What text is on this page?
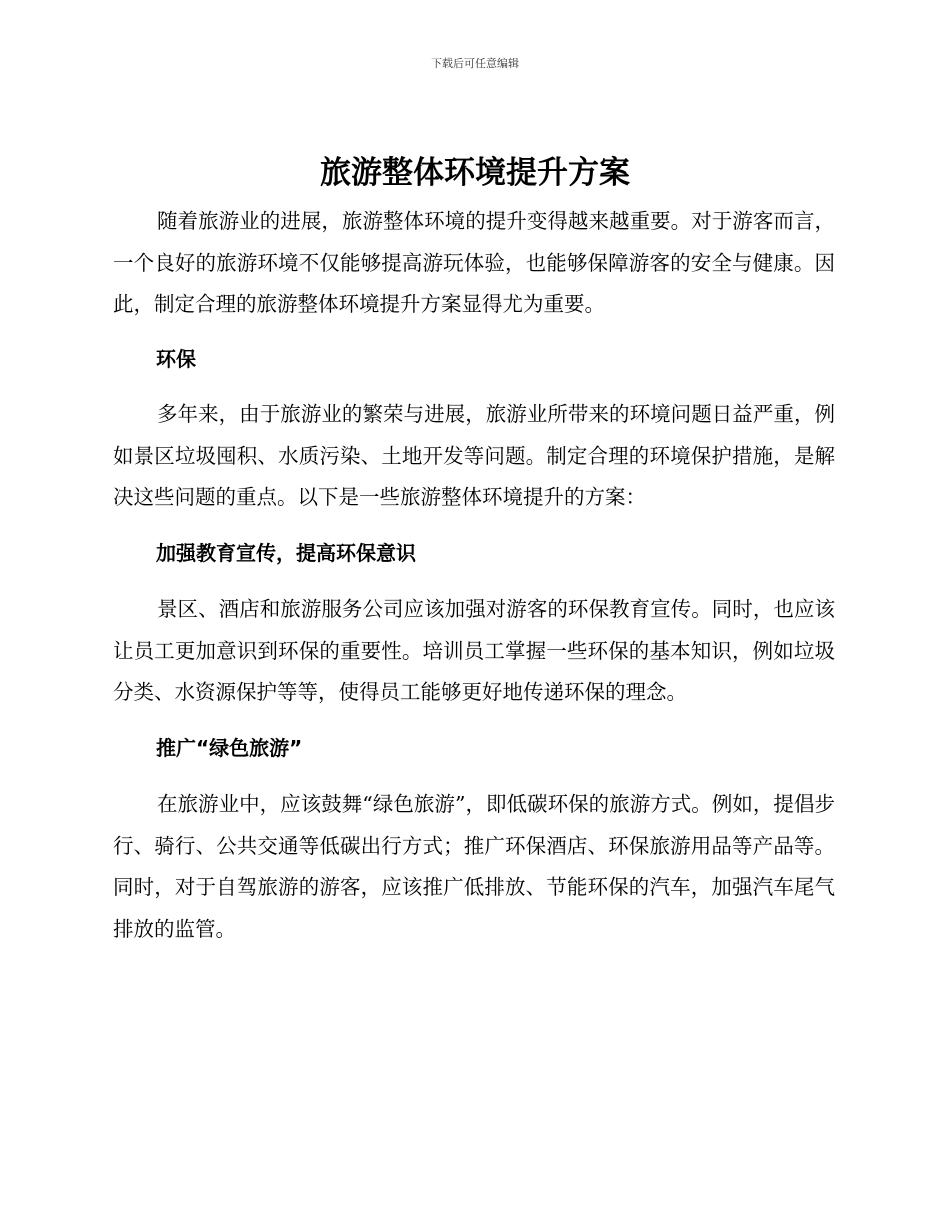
下载后可任意编辑
旅游整体环境提升方案

随着旅游业的进展，旅游整体环境的提升变得越来越重要。对于游客而言，一个良好的旅游环境不仅能够提高游玩体验，也能够保障游客的安全与健康。因此，制定合理的旅游整体环境提升方案显得尤为重要。

环保

多年来，由于旅游业的繁荣与进展，旅游业所带来的环境问题日益严重，例如景区垃圾囤积、水质污染、土地开发等问题。制定合理的环境保护措施，是解决这些问题的重点。以下是一些旅游整体环境提升的方案：

加强教育宣传，提高环保意识

景区、酒店和旅游服务公司应该加强对游客的环保教育宣传。同时，也应该让员工更加意识到环保的重要性。培训员工掌握一些环保的基本知识，例如垃圾分类、水资源保护等等，使得员工能够更好地传递环保的理念。

推广“绿色旅游”

在旅游业中，应该鼓舞“绿色旅游”，即低碳环保的旅游方式。例如，提倡步行、骑行、公共交通等低碳出行方式；推广环保酒店、环保旅游用品等产品等。同时，对于自驾旅游的游客，应该推广低排放、节能环保的汽车，加强汽车尾气排放的监管。
